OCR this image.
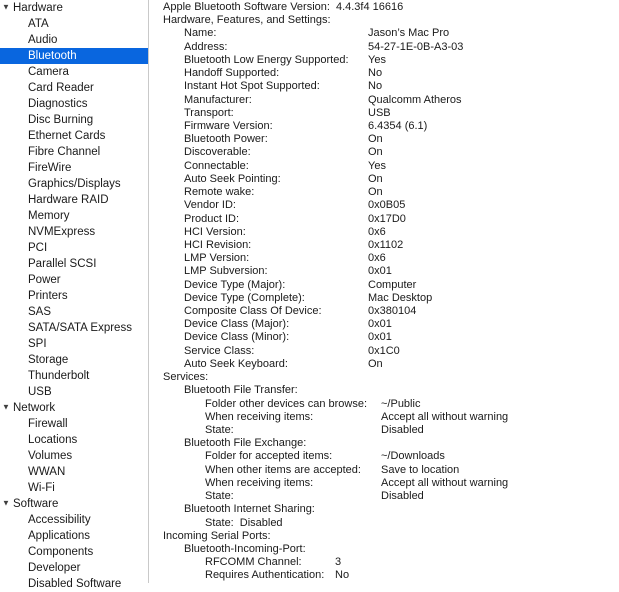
▼ Hardware
ATA
Audio
Bluetooth
Camera
Card Reader
Diagnostics
Disc Burning
Ethernet Cards
Fibre Channel
FireWire
Graphics/Displays
Hardware RAID
Memory
NVMExpress
PCI
Parallel SCSI
Power
Printers
SAS
SATA/SATA Express
SPI
Storage
Thunderbolt
USB
▼ Network
Firewall
Locations
Volumes
WWAN
Wi-Fi
▼ Software
Accessibility
Applications
Components
Developer
Disabled Software
Apple Bluetooth Software Version: 4.4.3f4 16616
Hardware, Features, and Settings:
Name:	Jason’s Mac Pro
Address:	54-27-1E-0B-A3-03
Bluetooth Low Energy Supported:	Yes
Handoff Supported:	No
Instant Hot Spot Supported:	No
Manufacturer:	Qualcomm Atheros
Transport:	USB
Firmware Version:	6.4354 (6.1)
Bluetooth Power:	On
Discoverable:	On
Connectable:	Yes
Auto Seek Pointing:	On
Remote wake:	On
Vendor ID:	0x0B05
Product ID:	0x17D0
HCI Version:	0x6
HCI Revision:	0x1102
LMP Version:	0x6
LMP Subversion:	0x01
Device Type (Major):	Computer
Device Type (Complete):	Mac Desktop
Composite Class Of Device:	0x380104
Device Class (Major):	0x01
Device Class (Minor):	0x01
Service Class:	0x1C0
Auto Seek Keyboard:	On
Services:
Bluetooth File Transfer:
Folder other devices can browse:	~/Public
When receiving items:	Accept all without warning
State:	Disabled
Bluetooth File Exchange:
Folder for accepted items:	~/Downloads
When other items are accepted:	Save to location
When receiving items:	Accept all without warning
State:	Disabled
Bluetooth Internet Sharing:
State: Disabled
Incoming Serial Ports:
Bluetooth-Incoming-Port:
RFCOMM Channel:	3
Requires Authentication: No
